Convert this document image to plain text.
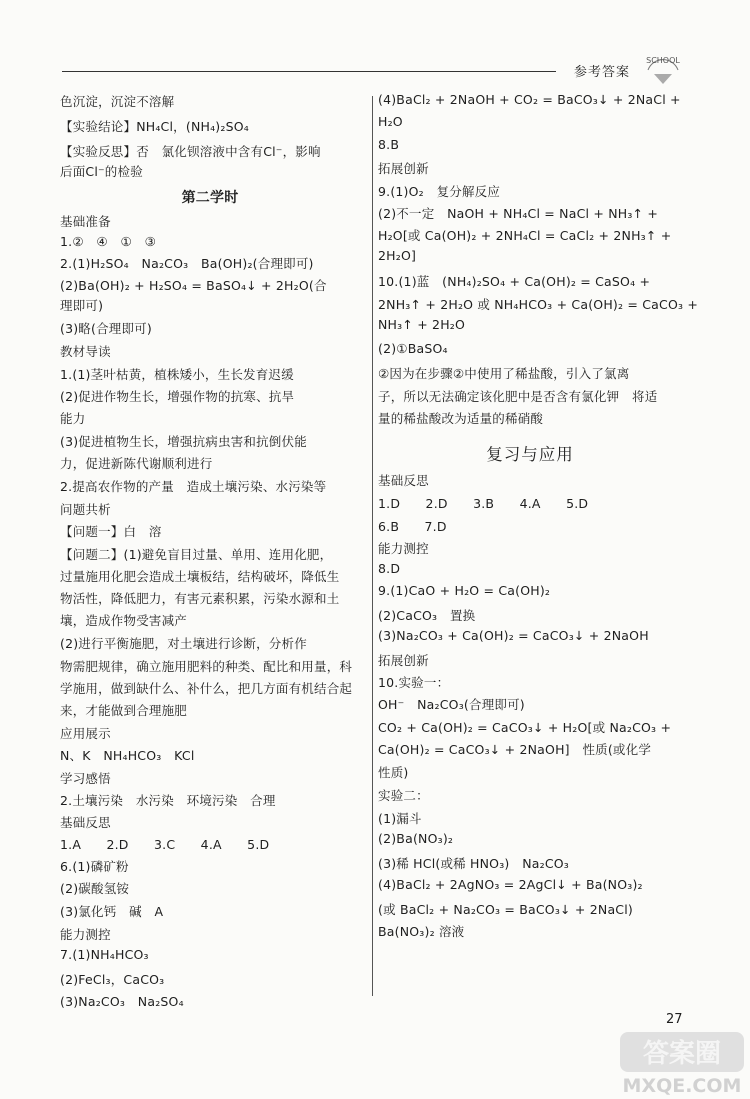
参考答案
SCHOOL
色沉淀，沉淀不溶解
【实验结论】NH₄Cl，(NH₄)₂SO₄
【实验反思】否　氯化钡溶液中含有Cl⁻，影响
后面Cl⁻的检验
第二学时
基础准备
1.②　④　①　③
2.(1)H₂SO₄　Na₂CO₃　Ba(OH)₂(合理即可)
(2)Ba(OH)₂ + H₂SO₄ = BaSO₄↓ + 2H₂O(合
理即可)
(3)略(合理即可)
教材导读
1.(1)茎叶枯黄，植株矮小，生长发育迟缓
(2)促进作物生长，增强作物的抗寒、抗旱
能力
(3)促进植物生长，增强抗病虫害和抗倒伏能
力，促进新陈代谢顺利进行
2.提高农作物的产量　造成土壤污染、水污染等
问题共析
【问题一】白　溶
【问题二】(1)避免盲目过量、单用、连用化肥，
过量施用化肥会造成土壤板结，结构破坏，降低生
物活性，降低肥力，有害元素积累，污染水源和土
壤，造成作物受害减产
(2)进行平衡施肥，对土壤进行诊断，分析作
物需肥规律，确立施用肥料的种类、配比和用量，科
学施用，做到缺什么、补什么，把几方面有机结合起
来，才能做到合理施肥
应用展示
N、K　NH₄HCO₃　KCl
学习感悟
2.土壤污染　水污染　环境污染　合理
基础反思
1.A　　2.D　　3.C　　4.A　　5.D
6.(1)磷矿粉
(2)碳酸氢铵
(3)氯化钙　碱　A
能力测控
7.(1)NH₄HCO₃
(2)FeCl₃，CaCO₃
(3)Na₂CO₃　Na₂SO₄
(4)BaCl₂ + 2NaOH + CO₂ = BaCO₃↓ + 2NaCl +
H₂O
8.B
拓展创新
9.(1)O₂　复分解反应
(2)不一定　NaOH + NH₄Cl = NaCl + NH₃↑ +
H₂O[或 Ca(OH)₂ + 2NH₄Cl = CaCl₂ + 2NH₃↑ +
2H₂O]
10.(1)蓝　(NH₄)₂SO₄ + Ca(OH)₂ = CaSO₄ +
2NH₃↑ + 2H₂O 或 NH₄HCO₃ + Ca(OH)₂ = CaCO₃ +
NH₃↑ + 2H₂O
(2)①BaSO₄
②因为在步骤②中使用了稀盐酸，引入了氯离
子，所以无法确定该化肥中是否含有氯化钾　将适
量的稀盐酸改为适量的稀硝酸
复习与应用
基础反思
1.D　　2.D　　3.B　　4.A　　5.D
6.B　　7.D
能力测控
8.D
9.(1)CaO + H₂O = Ca(OH)₂
(2)CaCO₃　置换
(3)Na₂CO₃ + Ca(OH)₂ = CaCO₃↓ + 2NaOH
拓展创新
10.实验一：
OH⁻　Na₂CO₃(合理即可)
CO₂ + Ca(OH)₂ = CaCO₃↓ + H₂O[或 Na₂CO₃ +
Ca(OH)₂ = CaCO₃↓ + 2NaOH]　性质(或化学
性质)
实验二：
(1)漏斗
(2)Ba(NO₃)₂
(3)稀 HCl(或稀 HNO₃)　Na₂CO₃
(4)BaCl₂ + 2AgNO₃ = 2AgCl↓ + Ba(NO₃)₂
(或 BaCl₂ + Na₂CO₃ = BaCO₃↓ + 2NaCl)
Ba(NO₃)₂ 溶液
27
答案圈
MXQE.COM
